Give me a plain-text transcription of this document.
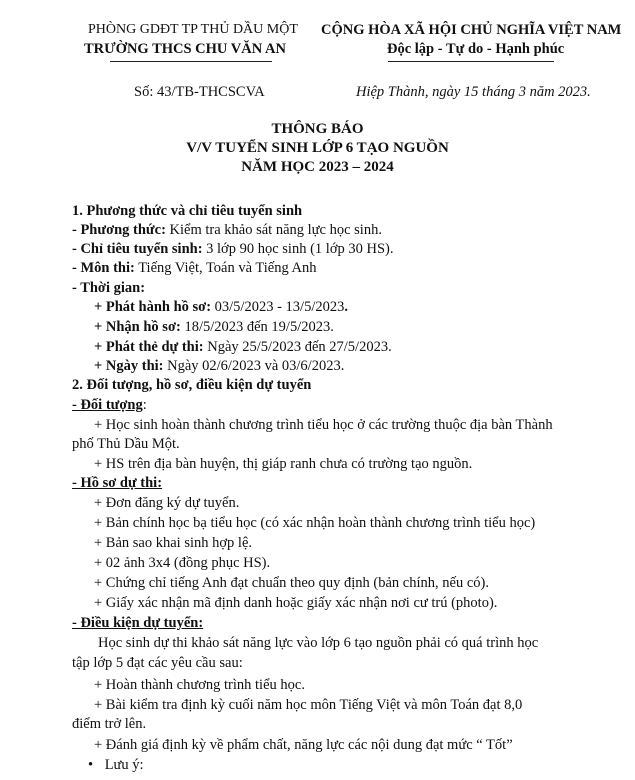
PHÒNG GDĐT TP THỦ DẦU MỘT
TRƯỜNG THCS CHU VĂN AN
CỘNG HÒA XÃ HỘI CHỦ NGHĨA VIỆT NAM
Độc lập - Tự do - Hạnh phúc
Số: 43/TB-THCSCVA	Hiệp Thành, ngày 15 tháng 3 năm 2023.
THÔNG BÁO
V/V TUYỂN SINH LỚP 6 TẠO NGUỒN
NĂM HỌC 2023 – 2024
1. Phương thức và chỉ tiêu tuyển sinh
- Phương thức: Kiểm tra khảo sát năng lực học sinh.
- Chỉ tiêu tuyển sinh: 3 lớp 90 học sinh (1 lớp 30 HS).
- Môn thi: Tiếng Việt, Toán và Tiếng Anh
- Thời gian:
+ Phát hành hồ sơ: 03/5/2023 - 13/5/2023.
+ Nhận hồ sơ: 18/5/2023 đến 19/5/2023.
+ Phát thẻ dự thi: Ngày 25/5/2023 đến 27/5/2023.
+ Ngày thi: Ngày 02/6/2023 và 03/6/2023.
2. Đối tượng, hồ sơ, điều kiện dự tuyển
- Đối tượng:
+ Học sinh hoàn thành chương trình tiểu học ở các trường thuộc địa bàn Thành
phố Thủ Dầu Một.
+ HS trên địa bàn huyện, thị giáp ranh chưa có trường tạo nguồn.
- Hồ sơ dự thi:
+ Đơn đăng ký dự tuyển.
+ Bản chính học bạ tiểu học (có xác nhận hoàn thành chương trình tiểu học)
+ Bản sao khai sinh hợp lệ.
+ 02 ảnh 3x4 (đồng phục HS).
+ Chứng chỉ tiếng Anh đạt chuẩn theo quy định (bản chính, nếu có).
+ Giấy xác nhận mã định danh hoặc giấy xác nhận nơi cư trú (photo).
- Điều kiện dự tuyển:
Học sinh dự thi khảo sát năng lực vào lớp 6 tạo nguồn phải có quá trình học
tập lớp 5 đạt các yêu cầu sau:
+ Hoàn thành chương trình tiểu học.
+ Bài kiểm tra định kỳ cuối năm học môn Tiếng Việt và môn Toán đạt 8,0
điểm trở lên.
+ Đánh giá định kỳ về phẩm chất, năng lực các nội dung đạt mức “ Tốt”
• Lưu ý:
